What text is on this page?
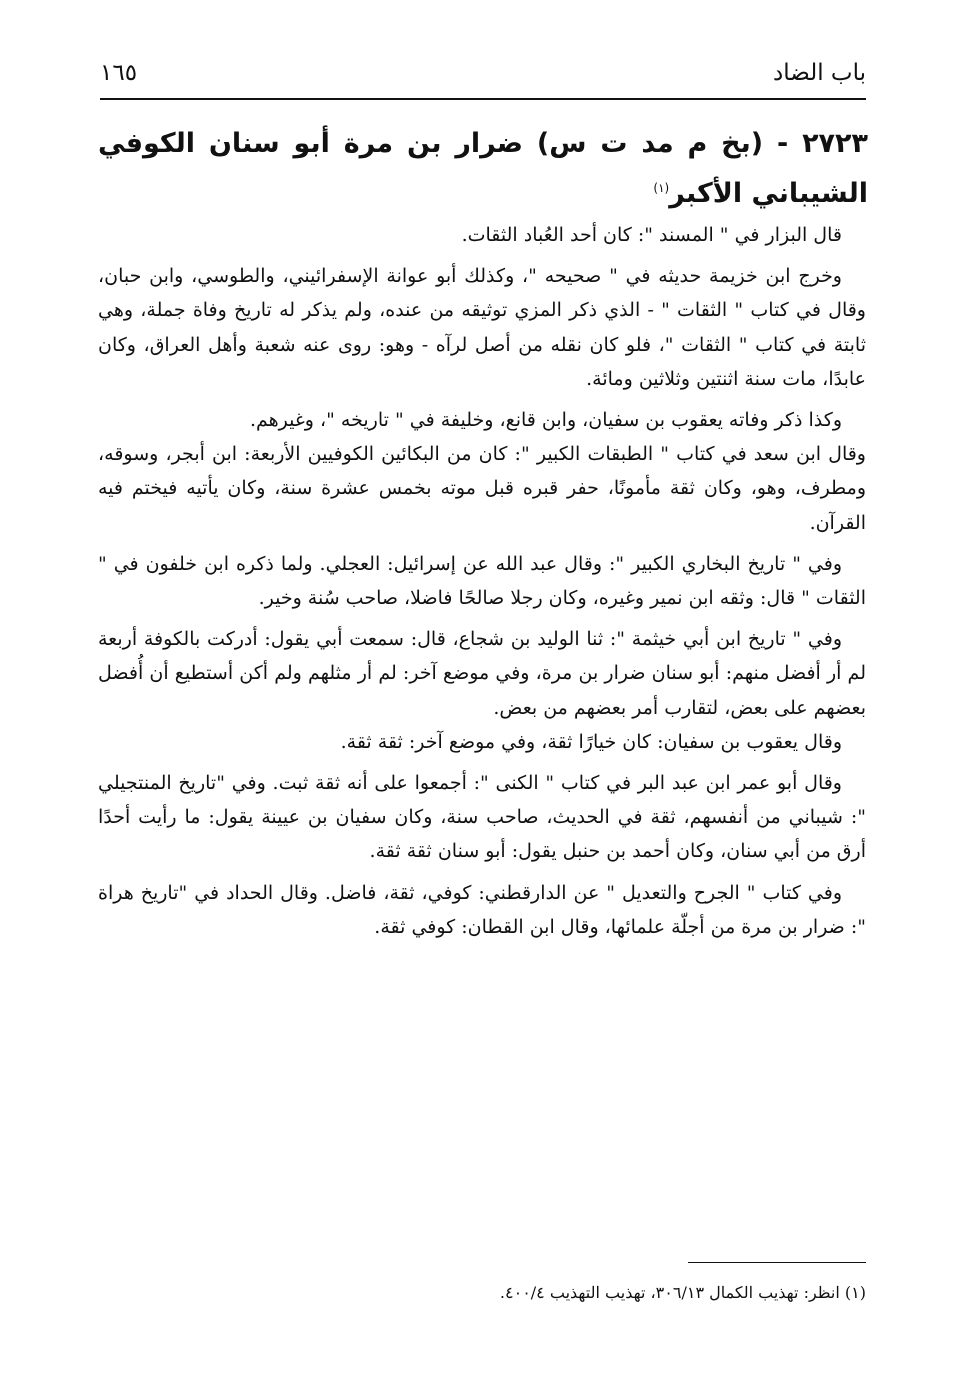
باب الضاد
١٦٥
٢٧٢٣ - (بخ م مد ت س) ضرار بن مرة أبو سنان الكوفي الشيباني الأكبر$^{(١)}$

قال البزار في " المسند ": كان أحد العُباد الثقات.

وخرج ابن خزيمة حديثه في " صحيحه "، وكذلك أبو عوانة الإسفرائيني، والطوسي، وابن حبان، وقال في كتاب " الثقات " - الذي ذكر المزي توثيقه من عنده، ولم يذكر له تاريخ وفاة جملة، وهي ثابتة في كتاب " الثقات "، فلو كان نقله من أصل لرآه - وهو: روى عنه شعبة وأهل العراق، وكان عابدًا، مات سنة اثنتين وثلاثين ومائة.

وكذا ذكر وفاته يعقوب بن سفيان، وابن قانع، وخليفة في " تاريخه "، وغيرهم.

وقال ابن سعد في كتاب " الطبقات الكبير ": كان من البكائين الكوفيين الأربعة: ابن أبجر، وسوقه، ومطرف، وهو، وكان ثقة مأمونًا، حفر قبره قبل موته بخمس عشرة سنة، وكان يأتيه فيختم فيه القرآن.

وفي " تاريخ البخاري الكبير ": وقال عبد الله عن إسرائيل: العجلي. ولما ذكره ابن خلفون في " الثقات " قال: وثقه ابن نمير وغيره، وكان رجلا صالحًا فاضلا، صاحب سُنة وخير.

وفي " تاريخ ابن أبي خيثمة ": ثنا الوليد بن شجاع، قال: سمعت أبي يقول: أدركت بالكوفة أربعة لم أر أفضل منهم: أبو سنان ضرار بن مرة، وفي موضع آخر: لم أر مثلهم ولم أكن أستطيع أن أُفضل بعضهم على بعض، لتقارب أمر بعضهم من بعض.

وقال يعقوب بن سفيان: كان خيارًا ثقة، وفي موضع آخر: ثقة ثقة.

وقال أبو عمر ابن عبد البر في كتاب " الكنى ": أجمعوا على أنه ثقة ثبت. وفي "تاريخ المنتجيلي ": شيباني من أنفسهم، ثقة في الحديث، صاحب سنة، وكان سفيان بن عيينة يقول: ما رأيت أحدًا أرق من أبي سنان، وكان أحمد بن حنبل يقول: أبو سنان ثقة ثقة.

وفي كتاب " الجرح والتعديل " عن الدارقطني: كوفي، ثقة، فاضل. وقال الحداد في "تاريخ هراة ": ضرار بن مرة من أجلّة علمائها، وقال ابن القطان: كوفي ثقة.

(١) انظر: تهذيب الكمال ٣٠٦/١٣، تهذيب التهذيب ٤٠٠/٤.
